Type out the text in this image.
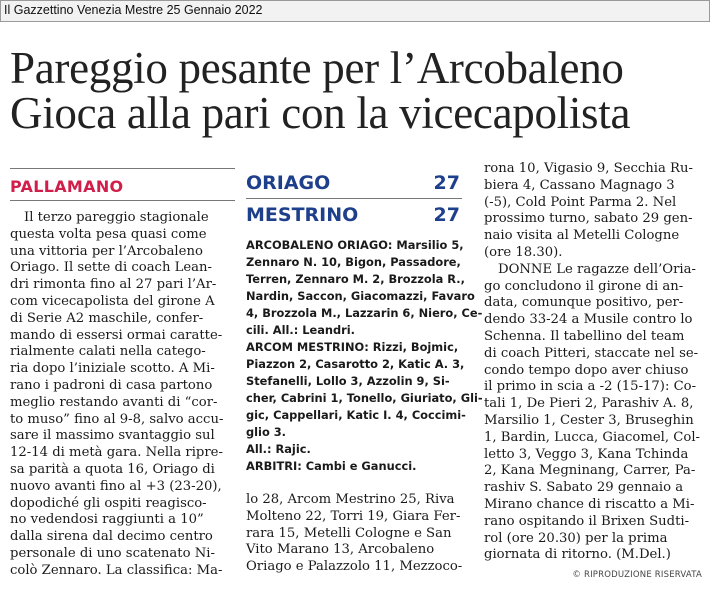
Il Gazzettino Venezia Mestre 25 Gennaio 2022
Pareggio pesante per l’Arcobaleno
Gioca alla pari con la vicecapolista
PALLAMANO
Il terzo pareggio stagionale
questa volta pesa quasi come
una vittoria per l’Arcobaleno
Oriago. Il sette di coach Lean-
dri rimonta fino al 27 pari l’Ar-
com vicecapolista del girone A
di Serie A2 maschile, confer-
mando di essersi ormai caratte-
rialmente calati nella catego-
ria dopo l’iniziale scotto. A Mi-
rano i padroni di casa partono
meglio restando avanti di “cor-
to muso” fino al 9-8, salvo accu-
sare il massimo svantaggio sul
12-14 di metà gara. Nella ripre-
sa parità a quota 16, Oriago di
nuovo avanti fino al +3 (23-20),
dopodiché gli ospiti reagisco-
no vedendosi raggiunti a 10”
dalla sirena dal decimo centro
personale di uno scatenato Ni-
colò Zennaro. La classifica: Ma-
ORIAGO	27
MESTRINO	27
ARCOBALENO ORIAGO: Marsilio 5,
Zennaro N. 10, Bigon, Passadore,
Terren, Zennaro M. 2, Brozzola R.,
Nardin, Saccon, Giacomazzi, Favaro
4, Brozzola M., Lazzarin 6, Niero, Ce-
cili. All.: Leandri.
ARCOM MESTRINO: Rizzi, Bojmic,
Piazzon 2, Casarotto 2, Katic A. 3,
Stefanelli, Lollo 3, Azzolin 9, Si-
cher, Cabrini 1, Tonello, Giuriato, Gli-
gic, Cappellari, Katic I. 4, Coccimi-
glio 3.
All.: Rajic.
ARBITRI: Cambi e Ganucci.
lo 28, Arcom Mestrino 25, Riva
Molteno 22, Torri 19, Giara Fer-
rara 15, Metelli Cologne e San
Vito Marano 13, Arcobaleno
Oriago e Palazzolo 11, Mezzoco-
rona 10, Vigasio 9, Secchia Ru-
biera 4, Cassano Magnago 3
(-5), Cold Point Parma 2. Nel
prossimo turno, sabato 29 gen-
naio visita al Metelli Cologne
(ore 18.30).
DONNE Le ragazze dell’Oria-
go concludono il girone di an-
data, comunque positivo, per-
dendo 33-24 a Musile contro lo
Schenna. Il tabellino del team
di coach Pitteri, staccate nel se-
condo tempo dopo aver chiuso
il primo in scia a -2 (15-17): Co-
tali 1, De Pieri 2, Parashiv A. 8,
Marsilio 1, Cester 3, Bruseghin
1, Bardin, Lucca, Giacomel, Col-
letto 3, Veggo 3, Kana Tchinda
2, Kana Megninang, Carrer, Pa-
rashiv S. Sabato 29 gennaio a
Mirano chance di riscatto a Mi-
rano ospitando il Brixen Sudti-
rol (ore 20.30) per la prima
giornata di ritorno. (M.Del.)
© RIPRODUZIONE RISERVATA
